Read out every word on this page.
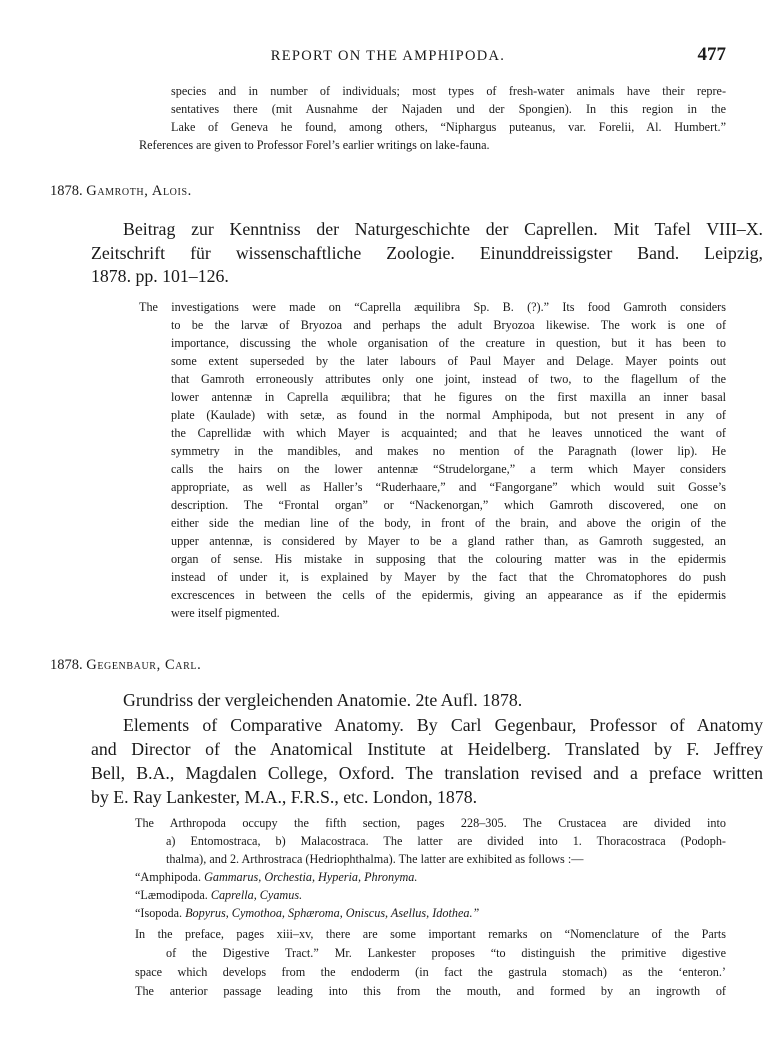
REPORT ON THE AMPHIPODA.	477
species and in number of individuals; most types of fresh-water animals have their repre-
sentatives there (mit Ausnahme der Najaden und der Spongien). In this region in the
Lake of Geneva he found, among others, “Niphargus puteanus, var. Forelii, Al. Humbert.”
References are given to Professor Forel’s earlier writings on lake-fauna.
1878. Gamroth, Alois.
Beitrag zur Kenntniss der Naturgeschichte der Caprellen. Mit Tafel VIII–X.
Zeitschrift für wissenschaftliche Zoologie. Einunddreissigster Band. Leipzig,
1878. pp. 101–126.
The investigations were made on “Caprella æquilibra Sp. B. (?).” Its food Gamroth considers
to be the larvæ of Bryozoa and perhaps the adult Bryozoa likewise. The work is one of
importance, discussing the whole organisation of the creature in question, but it has been to
some extent superseded by the later labours of Paul Mayer and Delage. Mayer points out
that Gamroth erroneously attributes only one joint, instead of two, to the flagellum of the
lower antennæ in Caprella æquilibra; that he figures on the first maxilla an inner basal
plate (Kaulade) with setæ, as found in the normal Amphipoda, but not present in any of
the Caprellidæ with which Mayer is acquainted; and that he leaves unnoticed the want of
symmetry in the mandibles, and makes no mention of the Paragnath (lower lip). He
calls the hairs on the lower antennæ “Strudelorgane,” a term which Mayer considers
appropriate, as well as Haller’s “Ruderhaare,” and “Fangorgane” which would suit Gosse’s
description. The “Frontal organ” or “Nackenorgan,” which Gamroth discovered, one on
either side the median line of the body, in front of the brain, and above the origin of the
upper antennæ, is considered by Mayer to be a gland rather than, as Gamroth suggested, an
organ of sense. His mistake in supposing that the colouring matter was in the epidermis
instead of under it, is explained by Mayer by the fact that the Chromatophores do push
excrescences in between the cells of the epidermis, giving an appearance as if the epidermis
were itself pigmented.
1878. Gegenbaur, Carl.
Grundriss der vergleichenden Anatomie. 2te Aufl. 1878.
Elements of Comparative Anatomy. By Carl Gegenbaur, Professor of Anatomy
and Director of the Anatomical Institute at Heidelberg. Translated by F. Jeffrey
Bell, B.A., Magdalen College, Oxford. The translation revised and a preface written
by E. Ray Lankester, M.A., F.R.S., etc. London, 1878.
The Arthropoda occupy the fifth section, pages 228–305. The Crustacea are divided into
a) Entomostraca, b) Malacostraca. The latter are divided into 1. Thoracostraca (Podoph-
thalma), and 2. Arthrostraca (Hedriophthalma). The latter are exhibited as follows :—
“Amphipoda. Gammarus, Orchestia, Hyperia, Phronyma.
“Læmodipoda. Caprella, Cyamus.
“Isopoda. Bopyrus, Cymothoa, Sphæroma, Oniscus, Asellus, Idothea.”
In the preface, pages xiii–xv, there are some important remarks on “Nomenclature of the Parts
of the Digestive Tract.” Mr. Lankester proposes “to distinguish the primitive digestive
space which develops from the endoderm (in fact the gastrula stomach) as the ‘enteron.’
The anterior passage leading into this from the mouth, and formed by an ingrowth of
